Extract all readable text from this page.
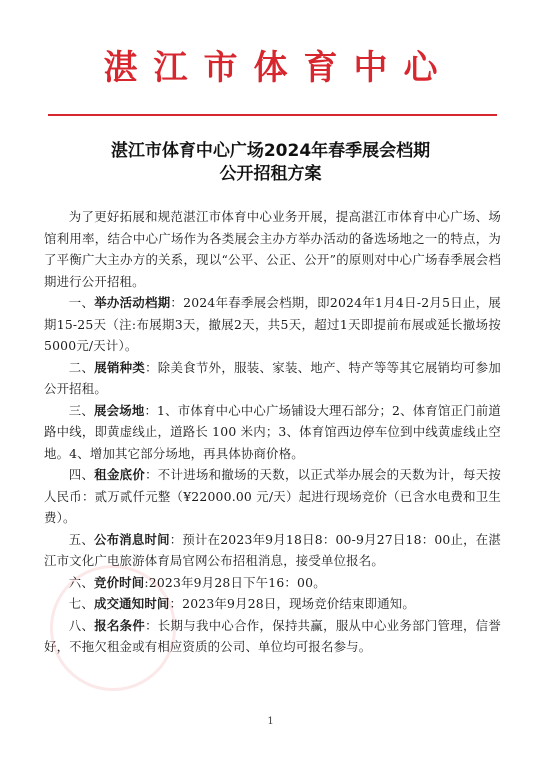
湛江市体育中心
湛江市体育中心广场2024年春季展会档期
公开招租方案

为了更好拓展和规范湛江市体育中心业务开展，提高湛江市体育中心广场、场馆利用率，结合中心广场作为各类展会主办方举办活动的备选场地之一的特点，为了平衡广大主办方的关系，现以“公平、公正、公开”的原则对中心广场春季展会档期进行公开招租。

一、举办活动档期：2024年春季展会档期，即2024年1月4日-2月5日止，展期15-25天（注:布展期3天，撤展2天，共5天，超过1天即提前布展或延长撤场按 5000元/天计）。

二、展销种类：除美食节外，服装、家装、地产、特产等等其它展销均可参加公开招租。

三、展会场地：1、市体育中心中心广场铺设大理石部分；2、体育馆正门前道路中线，即黄虚线止，道路长 100 米内；3、体育馆西边停车位到中线黄虚线止空地。4、增加其它部分场地，再具体协商价格。

四、租金底价：不计进场和撤场的天数，以正式举办展会的天数为计，每天按人民币：贰万贰仟元整（¥22000.00 元/天）起进行现场竞价（已含水电费和卫生费）。

五、公布消息时间：预计在2023年9月18日8：00-9月27日18：00止，在湛江市文化广电旅游体育局官网公布招租消息，接受单位报名。

六、竞价时间:2023年9月28日下午16：00。

七、成交通知时间：2023年9月28日，现场竞价结束即通知。

八、报名条件：长期与我中心合作，保持共赢，服从中心业务部门管理，信誉好，不拖欠租金或有相应资质的公司、单位均可报名参与。

1
